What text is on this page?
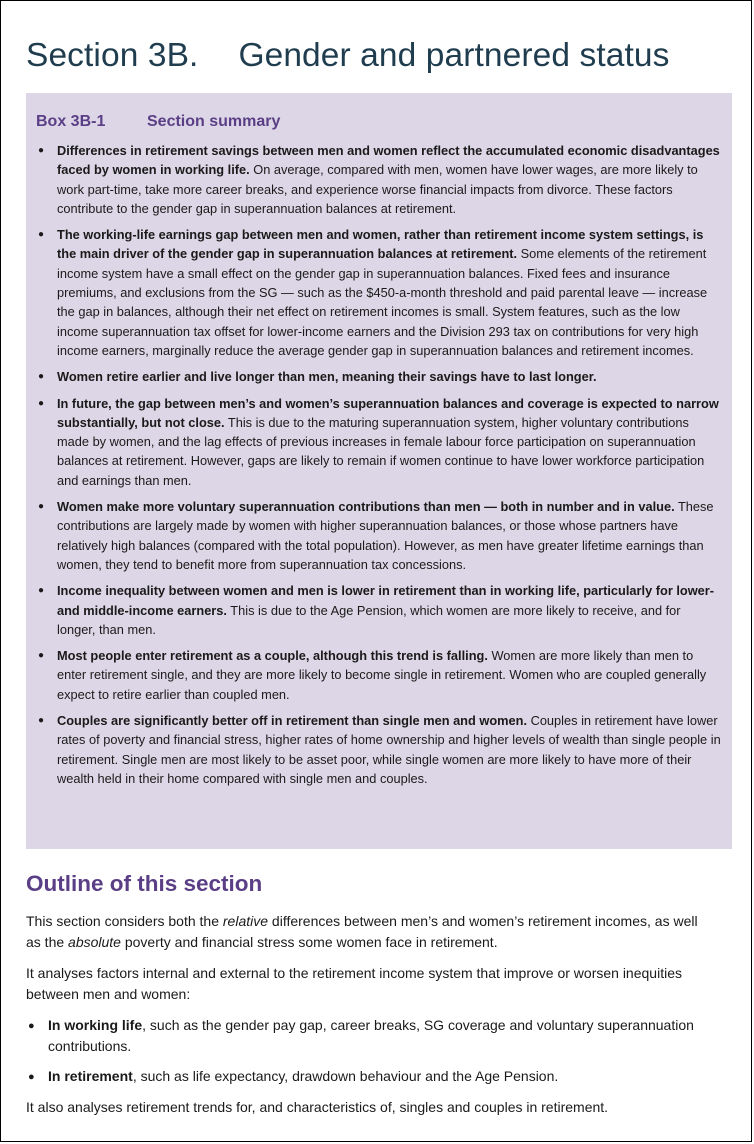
Section 3B. Gender and partnered status
Box 3B-1	Section summary
● Differences in retirement savings between men and women reflect the accumulated economic disadvantages faced by women in working life. On average, compared with men, women have lower wages, are more likely to work part-time, take more career breaks, and experience worse financial impacts from divorce. These factors contribute to the gender gap in superannuation balances at retirement.
● The working-life earnings gap between men and women, rather than retirement income system settings, is the main driver of the gender gap in superannuation balances at retirement. Some elements of the retirement income system have a small effect on the gender gap in superannuation balances. Fixed fees and insurance premiums, and exclusions from the SG — such as the $450-a-month threshold and paid parental leave — increase the gap in balances, although their net effect on retirement incomes is small. System features, such as the low income superannuation tax offset for lower-income earners and the Division 293 tax on contributions for very high income earners, marginally reduce the average gender gap in superannuation balances and retirement incomes.
● Women retire earlier and live longer than men, meaning their savings have to last longer.
● In future, the gap between men’s and women’s superannuation balances and coverage is expected to narrow substantially, but not close. This is due to the maturing superannuation system, higher voluntary contributions made by women, and the lag effects of previous increases in female labour force participation on superannuation balances at retirement. However, gaps are likely to remain if women continue to have lower workforce participation and earnings than men.
● Women make more voluntary superannuation contributions than men — both in number and in value. These contributions are largely made by women with higher superannuation balances, or those whose partners have relatively high balances (compared with the total population). However, as men have greater lifetime earnings than women, they tend to benefit more from superannuation tax concessions.
● Income inequality between women and men is lower in retirement than in working life, particularly for lower- and middle-income earners. This is due to the Age Pension, which women are more likely to receive, and for longer, than men.
● Most people enter retirement as a couple, although this trend is falling. Women are more likely than men to enter retirement single, and they are more likely to become single in retirement. Women who are coupled generally expect to retire earlier than coupled men.
● Couples are significantly better off in retirement than single men and women. Couples in retirement have lower rates of poverty and financial stress, higher rates of home ownership and higher levels of wealth than single people in retirement. Single men are most likely to be asset poor, while single women are more likely to have more of their wealth held in their home compared with single men and couples.
Outline of this section

This section considers both the relative differences between men’s and women’s retirement incomes, as well as the absolute poverty and financial stress some women face in retirement.

It analyses factors internal and external to the retirement income system that improve or worsen inequities between men and women:

● In working life, such as the gender pay gap, career breaks, SG coverage and voluntary superannuation contributions.
● In retirement, such as life expectancy, drawdown behaviour and the Age Pension.

It also analyses retirement trends for, and characteristics of, singles and couples in retirement.
